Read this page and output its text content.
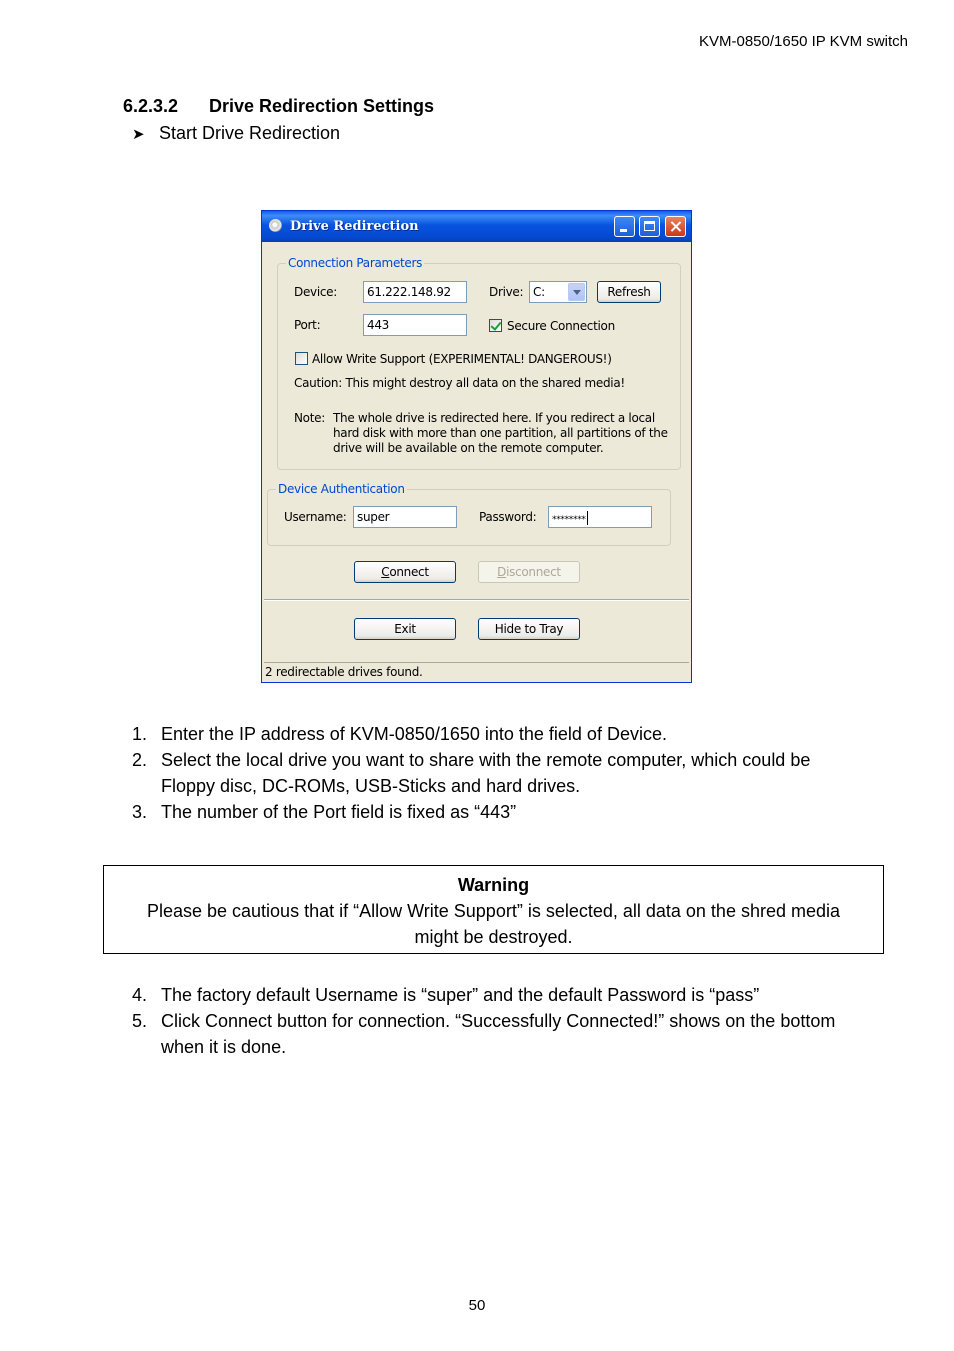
KVM-0850/1650 IP KVM switch
6.2.3.2 Drive Redirection Settings
➤ Start Drive Redirection
Drive Redirection
Connection Parameters
Device:	61.222.148.92	Drive: C:	Refresh
Port:	443	Secure Connection
Allow Write Support (EXPERIMENTAL! DANGEROUS!)
Caution: This might destroy all data on the shared media!
Note: The whole drive is redirected here. If you redirect a local
hard disk with more than one partition, all partitions of the
drive will be available on the remote computer.
Device Authentication
Username: super	Password:	********
Connect	Disconnect
Exit	Hide to Tray
2 redirectable drives found.
1. Enter the IP address of KVM-0850/1650 into the field of Device.
2. Select the local drive you want to share with the remote computer, which could be
Floppy disc, DC-ROMs, USB-Sticks and hard drives.
3. The number of the Port field is fixed as “443”
Warning
Please be cautious that if “Allow Write Support” is selected, all data on the shred media
might be destroyed.
4. The factory default Username is “super” and the default Password is “pass”
5. Click Connect button for connection. “Successfully Connected!” shows on the bottom
when it is done.
50
